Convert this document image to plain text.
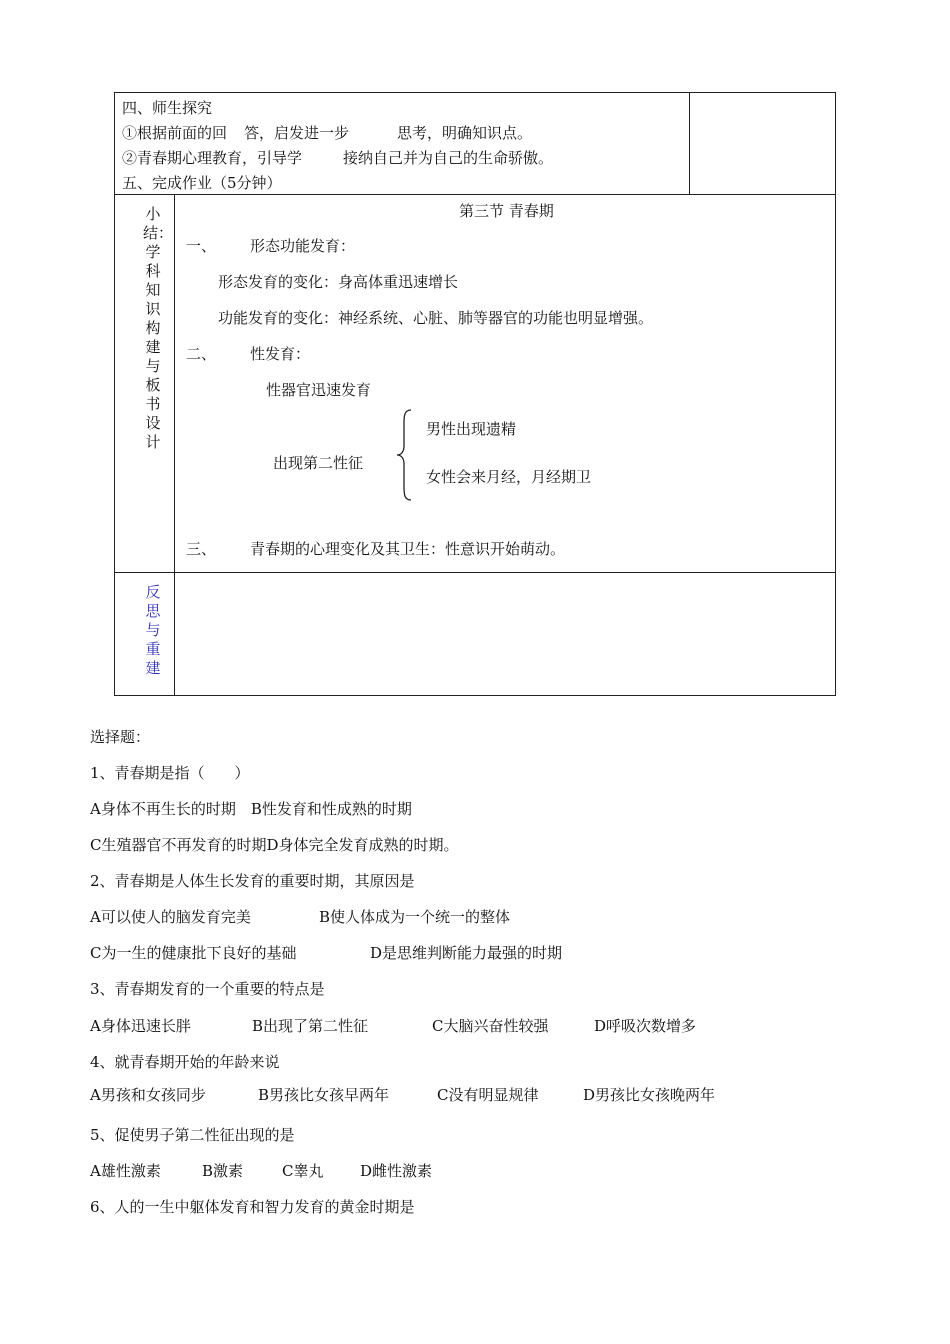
四、师生探究
①根据前面的回 答，启发进一步	思考，明确知识点。
②青春期心理教育，引导学	接纳自己并为自己的生命骄傲。
五、完成作业（5分钟）
小结：学科知识构建与板书设计
第三节 青春期
一、 形态功能发育：
形态发育的变化：身高体重迅速增长
功能发育的变化：神经系统、心脏、肺等器官的功能也明显增强。
二、 性发育：
性器官迅速发育
出现第二性征
男性出现遗精
女性会来月经，月经期卫
三、 青春期的心理变化及其卫生：性意识开始萌动。
反思与重建
选择题：
1、青春期是指（　　）
A身体不再生长的时期　B性发育和性成熟的时期
C生殖器官不再发育的时期D身体完全发育成熟的时期。
2、青春期是人体生长发育的重要时期，其原因是
A可以使人的脑发育完美	B使人体成为一个统一的整体
C为一生的健康批下良好的基础	D是思维判断能力最强的时期
3、青春期发育的一个重要的特点是
A身体迅速长胖	B出现了第二性征	C大脑兴奋性较强	D呼吸次数增多
4、就青春期开始的年龄来说
A男孩和女孩同步	B男孩比女孩早两年	C没有明显规律	D男孩比女孩晚两年
5、促使男子第二性征出现的是
A雄性激素	B激素	C睾丸 D雌性激素
6、人的一生中躯体发育和智力发育的黄金时期是
